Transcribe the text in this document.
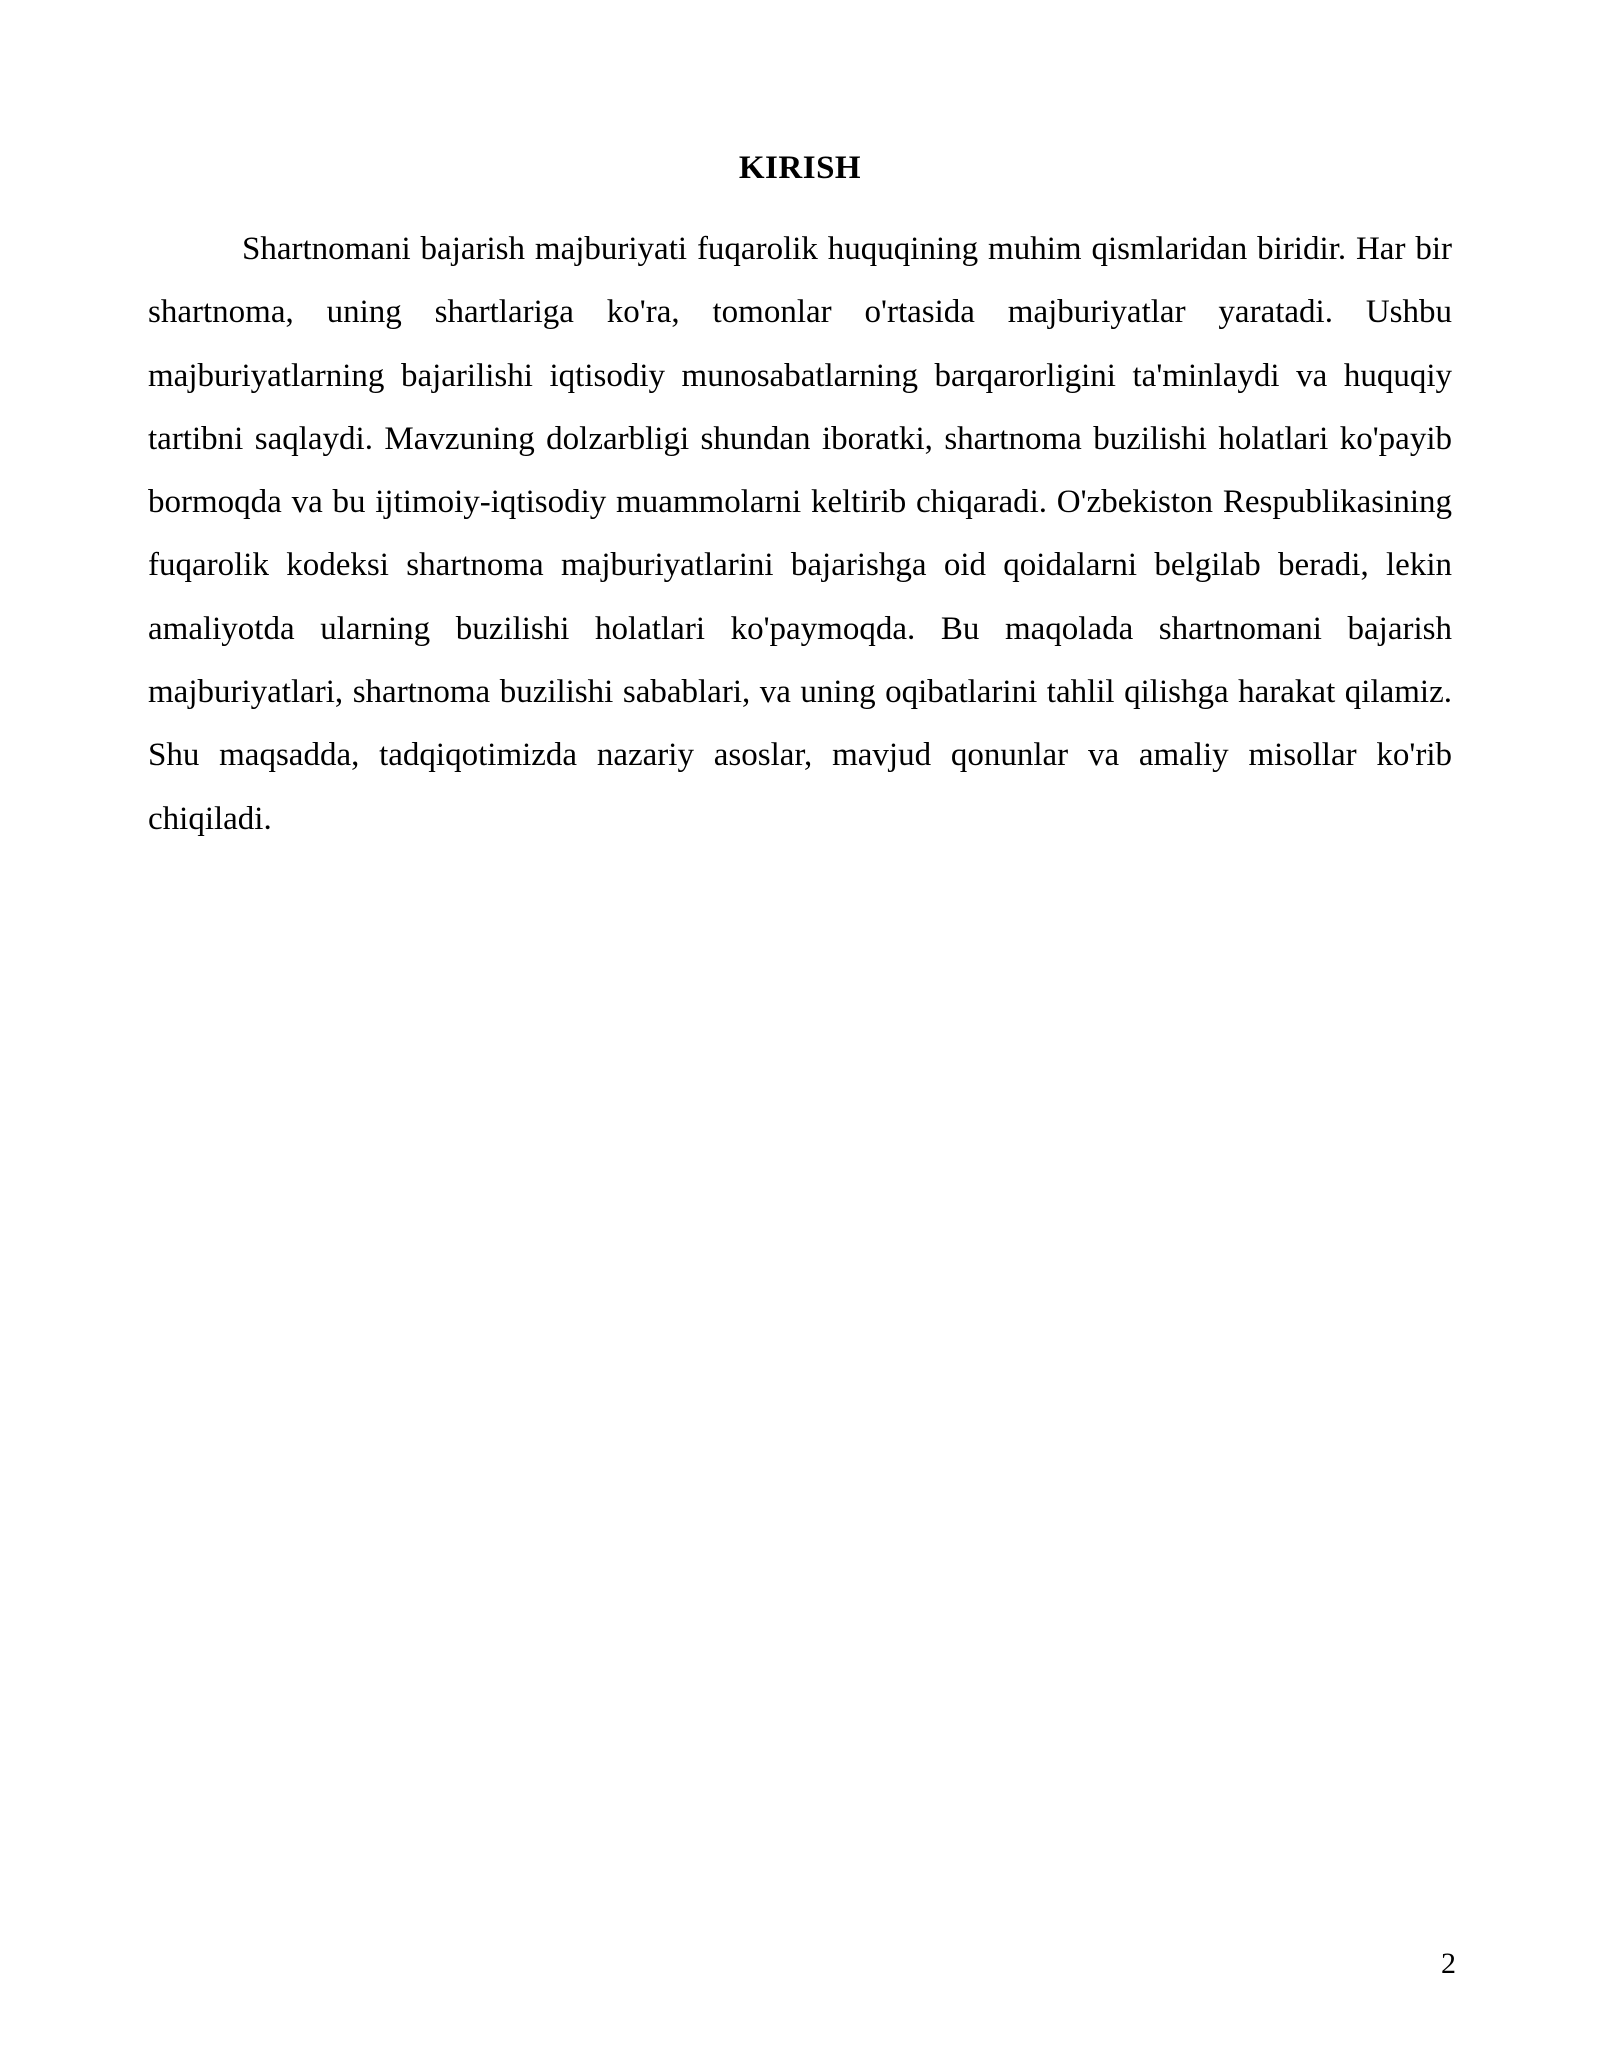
KIRISH

Shartnomani bajarish majburiyati fuqarolik huquqining muhim qismlaridan biridir. Har bir shartnoma, uning shartlariga ko'ra, tomonlar o'rtasida majburiyatlar yaratadi. Ushbu majburiyatlarning bajarilishi iqtisodiy munosabatlarning barqarorligini ta'minlaydi va huquqiy tartibni saqlaydi. Mavzuning dolzarbligi shundan iboratki, shartnoma buzilishi holatlari ko'payib bormoqda va bu ijtimoiy-iqtisodiy muammolarni keltirib chiqaradi. O'zbekiston Respublikasining fuqarolik kodeksi shartnoma majburiyatlarini bajarishga oid qoidalarni belgilab beradi, lekin amaliyotda ularning buzilishi holatlari ko'paymoqda. Bu maqolada shartnomani bajarish majburiyatlari, shartnoma buzilishi sabablari, va uning oqibatlarini tahlil qilishga harakat qilamiz. Shu maqsadda, tadqiqotimizda nazariy asoslar, mavjud qonunlar va amaliy misollar ko'rib chiqiladi.

2
